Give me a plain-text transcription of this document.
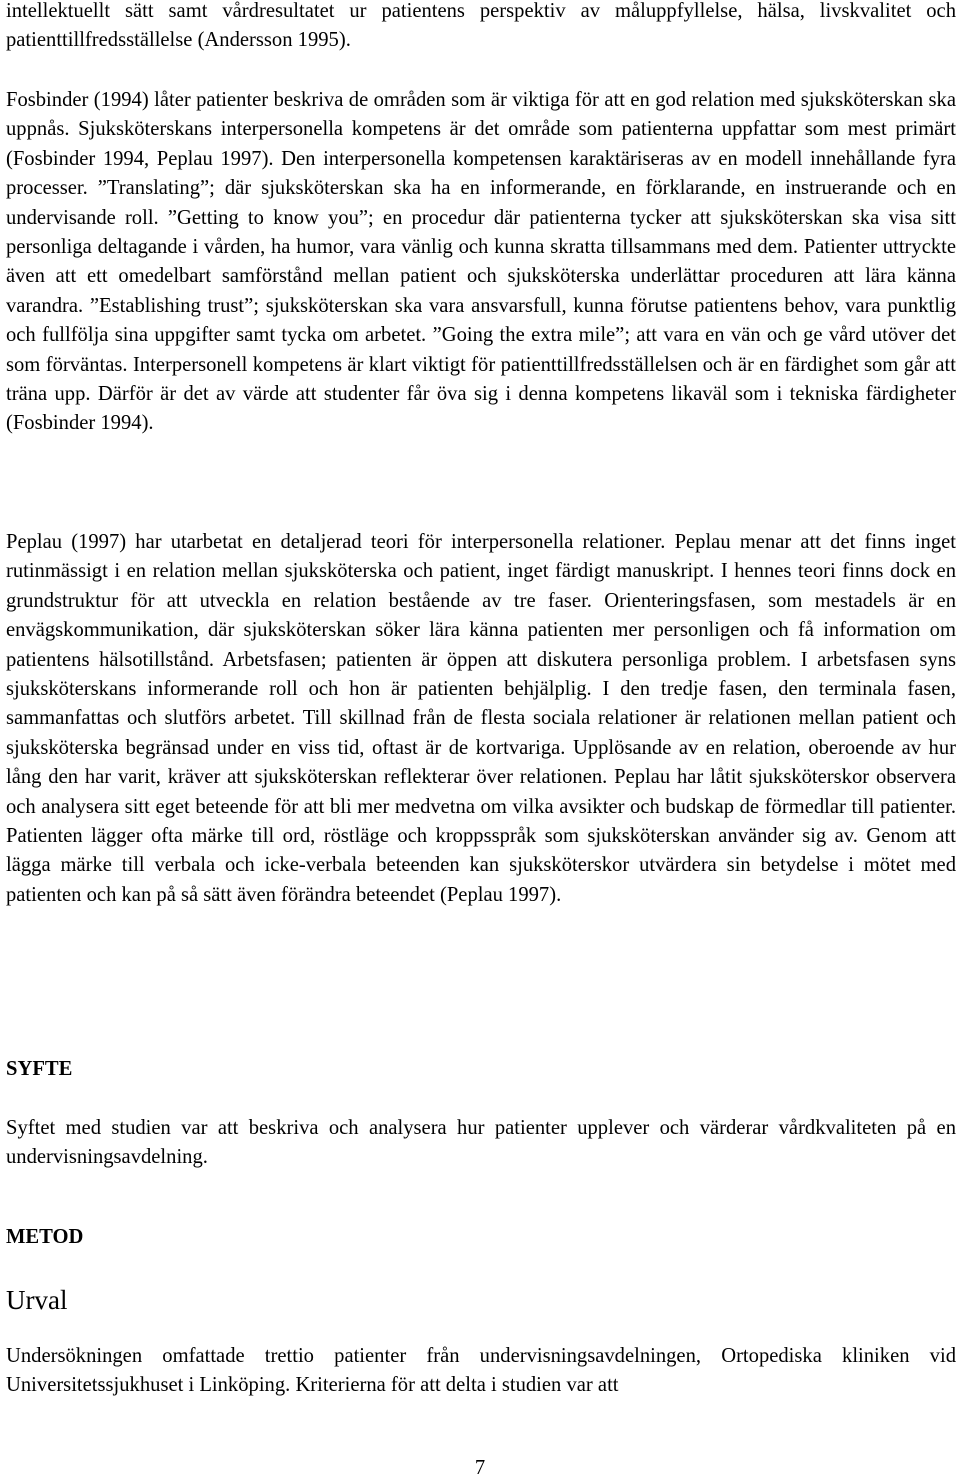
intellektuellt sätt samt vårdresultatet ur patientens perspektiv av måluppfyllelse, hälsa, livskvalitet och patienttillfredsställelse (Andersson 1995).

Fosbinder (1994) låter patienter beskriva de områden som är viktiga för att en god relation med sjuksköterskan ska uppnås. Sjuksköterskans interpersonella kompetens är det område som patienterna uppfattar som mest primärt (Fosbinder 1994, Peplau 1997). Den interpersonella kompetensen karaktäriseras av en modell innehållande fyra processer. ”Translating”; där sjuksköterskan ska ha en informerande, en förklarande, en instruerande och en undervisande roll. ”Getting to know you”; en procedur där patienterna tycker att sjuksköterskan ska visa sitt personliga deltagande i vården, ha humor, vara vänlig och kunna skratta tillsammans med dem. Patienter uttryckte även att ett omedelbart samförstånd mellan patient och sjuksköterska underlättar proceduren att lära känna varandra. ”Establishing trust”; sjuksköterskan ska vara ansvarsfull, kunna förutse patientens behov, vara punktlig och fullfölja sina uppgifter samt tycka om arbetet. ”Going the extra mile”; att vara en vän och ge vård utöver det som förväntas. Interpersonell kompetens är klart viktigt för patienttillfredsställelsen och är en färdighet som går att träna upp. Därför är det av värde att studenter får öva sig i denna kompetens likaväl som i tekniska färdigheter (Fosbinder 1994).

Peplau (1997) har utarbetat en detaljerad teori för interpersonella relationer. Peplau menar att det finns inget rutinmässigt i en relation mellan sjuksköterska och patient, inget färdigt manuskript. I hennes teori finns dock en grundstruktur för att utveckla en relation bestående av tre faser. Orienteringsfasen, som mestadels är en envägskommunikation, där sjuksköterskan söker lära känna patienten mer personligen och få information om patientens hälsotillstånd. Arbetsfasen; patienten är öppen att diskutera personliga problem. I arbetsfasen syns sjuksköterskans informerande roll och hon är patienten behjälplig. I den tredje fasen, den terminala fasen, sammanfattas och slutförs arbetet. Till skillnad från de flesta sociala relationer är relationen mellan patient och sjuksköterska begränsad under en viss tid, oftast är de kortvariga. Upplösande av en relation, oberoende av hur lång den har varit, kräver att sjuksköterskan reflekterar över relationen. Peplau har låtit sjuksköterskor observera och analysera sitt eget beteende för att bli mer medvetna om vilka avsikter och budskap de förmedlar till patienter. Patienten lägger ofta märke till ord, röstläge och kroppsspråk som sjuksköterskan använder sig av. Genom att lägga märke till verbala och icke-verbala beteenden kan sjuksköterskor utvärdera sin betydelse i mötet med patienten och kan på så sätt även förändra beteendet (Peplau 1997).

SYFTE

Syftet med studien var att beskriva och analysera hur patienter upplever och värderar vårdkvaliteten på en undervisningsavdelning.

METOD
Urval

Undersökningen omfattade trettio patienter från undervisningsavdelningen, Ortopediska kliniken vid Universitetssjukhuset i Linköping. Kriterierna för att delta i studien var att

7
